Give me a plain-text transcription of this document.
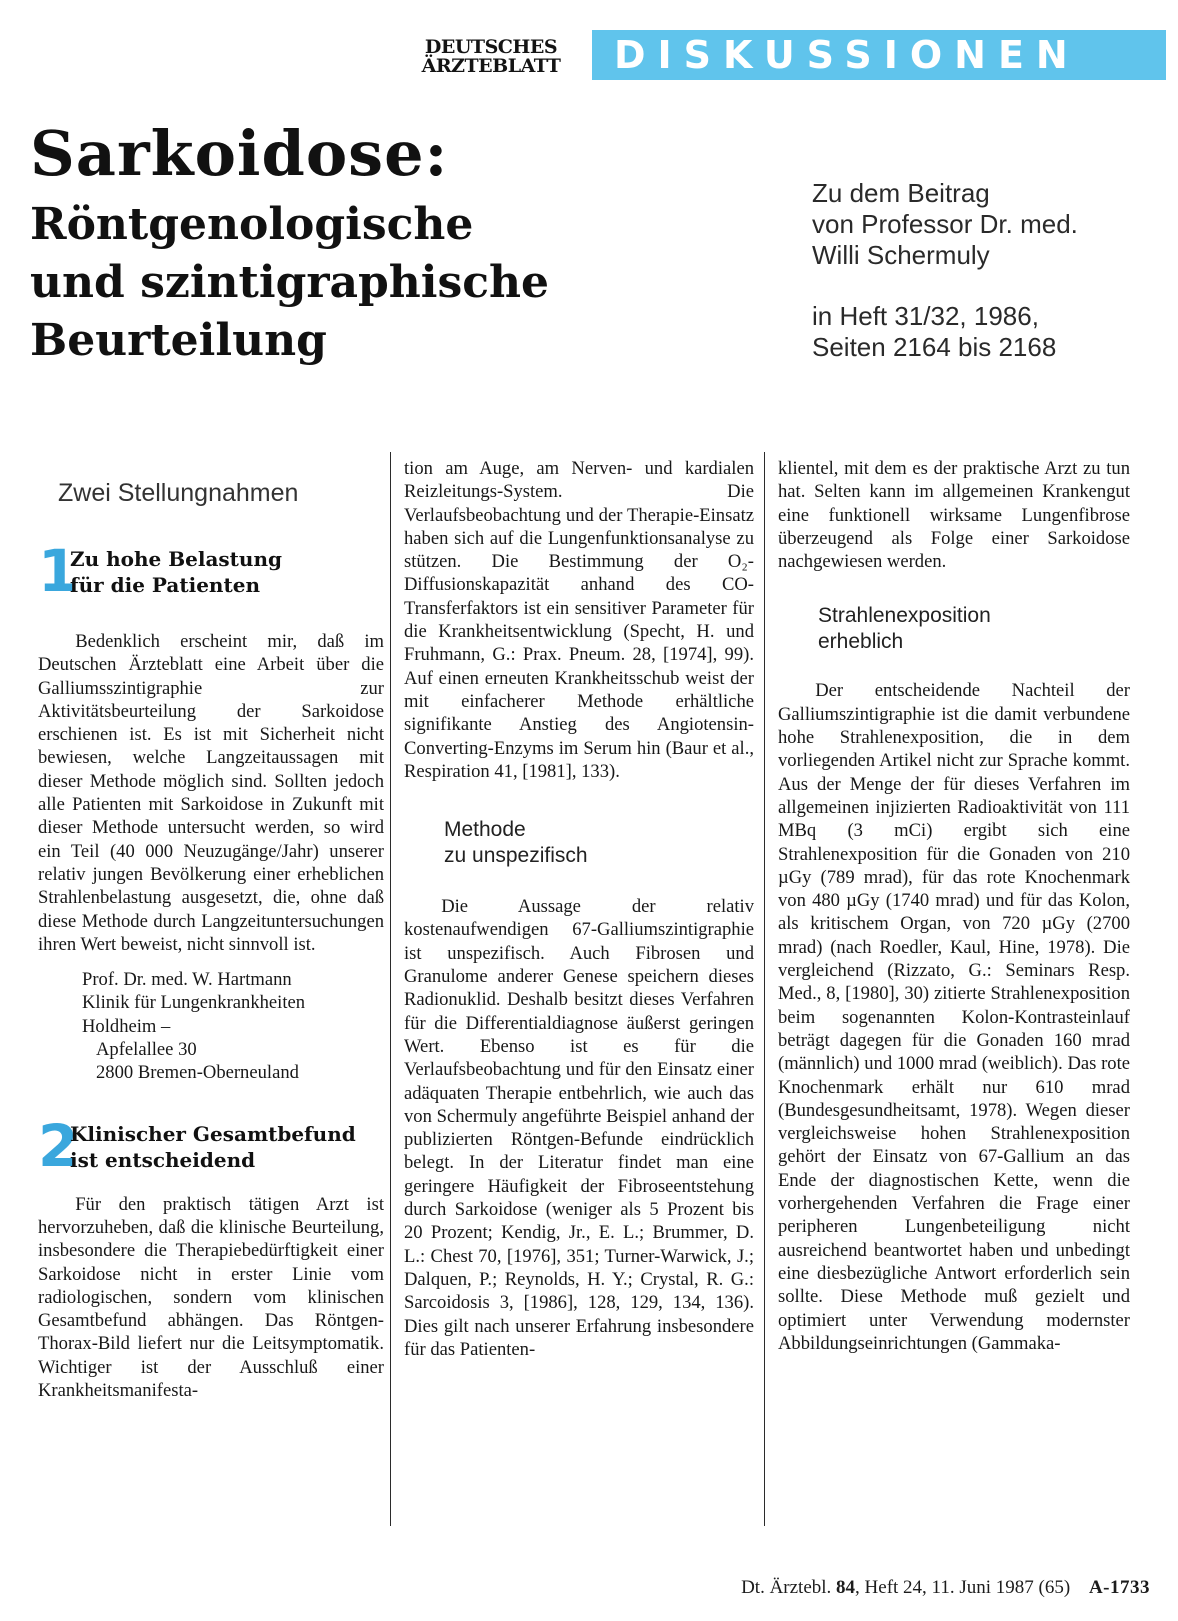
DEUTSCHES
ÄRZTEBLATT	DISKUSSIONEN
Sarkoidose:
Röntgenologische
und szintigraphische
Beurteilung
Zu dem Beitrag
von Professor Dr. med.
Willi Schermuly
in Heft 31/32, 1986,
Seiten 2164 bis 2168
Zwei Stellungnahmen
1
Zu hohe Belastung
für die Patienten

Bedenklich erscheint mir, daß im Deutschen Ärzteblatt eine Arbeit über die Galliumsszintigraphie zur Aktivitätsbeurteilung der Sarkoidose erschienen ist. Es ist mit Sicherheit nicht bewiesen, welche Langzeitaussagen mit dieser Methode möglich sind. Sollten jedoch alle Patienten mit Sarkoidose in Zukunft mit dieser Methode untersucht werden, so wird ein Teil (40 000 Neuzugänge/Jahr) unserer relativ jungen Bevölkerung einer erheblichen Strahlenbelastung ausgesetzt, die, ohne daß diese Methode durch Langzeituntersuchungen ihren Wert beweist, nicht sinnvoll ist.

Prof. Dr. med. W. Hartmann
Klinik für Lungenkrankheiten
Holdheim –
Apfelallee 30
2800 Bremen-Oberneuland
2
Klinischer Gesamtbefund
ist entscheidend

Für den praktisch tätigen Arzt ist hervorzuheben, daß die klinische Beurteilung, insbesondere die Therapiebedürftigkeit einer Sarkoidose nicht in erster Linie vom radiologischen, sondern vom klinischen Gesamtbefund abhängen. Das Röntgen-Thorax-Bild liefert nur die Leitsymptomatik. Wichtiger ist der Ausschluß einer Krankheitsmanifesta-

tion am Auge, am Nerven- und kardialen Reizleitungs-System. Die Verlaufsbeobachtung und der Therapie-Einsatz haben sich auf die Lungenfunktionsanalyse zu stützen. Die Bestimmung der O₂-Diffusionskapazität anhand des CO-Transferfaktors ist ein sensitiver Parameter für die Krankheitsentwicklung (Specht, H. und Fruhmann, G.: Prax. Pneum. 28, [1974], 99). Auf einen erneuten Krankheitsschub weist der mit einfacherer Methode erhältliche signifikante Anstieg des Angiotensin-Converting-Enzyms im Serum hin (Baur et al., Respiration 41, [1981], 133).

Methode
zu unspezifisch

Die Aussage der relativ kostenaufwendigen 67-Galliumszintigraphie ist unspezifisch. Auch Fibrosen und Granulome anderer Genese speichern dieses Radionuklid. Deshalb besitzt dieses Verfahren für die Differentialdiagnose äußerst geringen Wert. Ebenso ist es für die Verlaufsbeobachtung und für den Einsatz einer adäquaten Therapie entbehrlich, wie auch das von Schermuly angeführte Beispiel anhand der publizierten Röntgen-Befunde eindrücklich belegt. In der Literatur findet man eine geringere Häufigkeit der Fibroseentstehung durch Sarkoidose (weniger als 5 Prozent bis 20 Prozent; Kendig, Jr., E. L.; Brummer, D. L.: Chest 70, [1976], 351; Turner-Warwick, J.; Dalquen, P.; Reynolds, H. Y.; Crystal, R. G.: Sarcoidosis 3, [1986], 128, 129, 134, 136). Dies gilt nach unserer Erfahrung insbesondere für das Patienten-

klientel, mit dem es der praktische Arzt zu tun hat. Selten kann im allgemeinen Krankengut eine funktionell wirksame Lungenfibrose überzeugend als Folge einer Sarkoidose nachgewiesen werden.

Strahlenexposition
erheblich

Der entscheidende Nachteil der Galliumszintigraphie ist die damit verbundene hohe Strahlenexposition, die in dem vorliegenden Artikel nicht zur Sprache kommt. Aus der Menge der für dieses Verfahren im allgemeinen injizierten Radioaktivität von 111 MBq (3 mCi) ergibt sich eine Strahlenexposition für die Gonaden von 210 µGy (789 mrad), für das rote Knochenmark von 480 µGy (1740 mrad) und für das Kolon, als kritischem Organ, von 720 µGy (2700 mrad) (nach Roedler, Kaul, Hine, 1978). Die vergleichend (Rizzato, G.: Seminars Resp. Med., 8, [1980], 30) zitierte Strahlenexposition beim sogenannten Kolon-Kontrasteinlauf beträgt dagegen für die Gonaden 160 mrad (männlich) und 1000 mrad (weiblich). Das rote Knochenmark erhält nur 610 mrad (Bundesgesundheitsamt, 1978). Wegen dieser vergleichsweise hohen Strahlenexposition gehört der Einsatz von 67-Gallium an das Ende der diagnostischen Kette, wenn die vorhergehenden Verfahren die Frage einer peripheren Lungenbeteiligung nicht ausreichend beantwortet haben und unbedingt eine diesbezügliche Antwort erforderlich sein sollte. Diese Methode muß gezielt und optimiert unter Verwendung modernster Abbildungseinrichtungen (Gammaka-

Dt. Ärztebl. 84, Heft 24, 11. Juni 1987 (65) A-1733
